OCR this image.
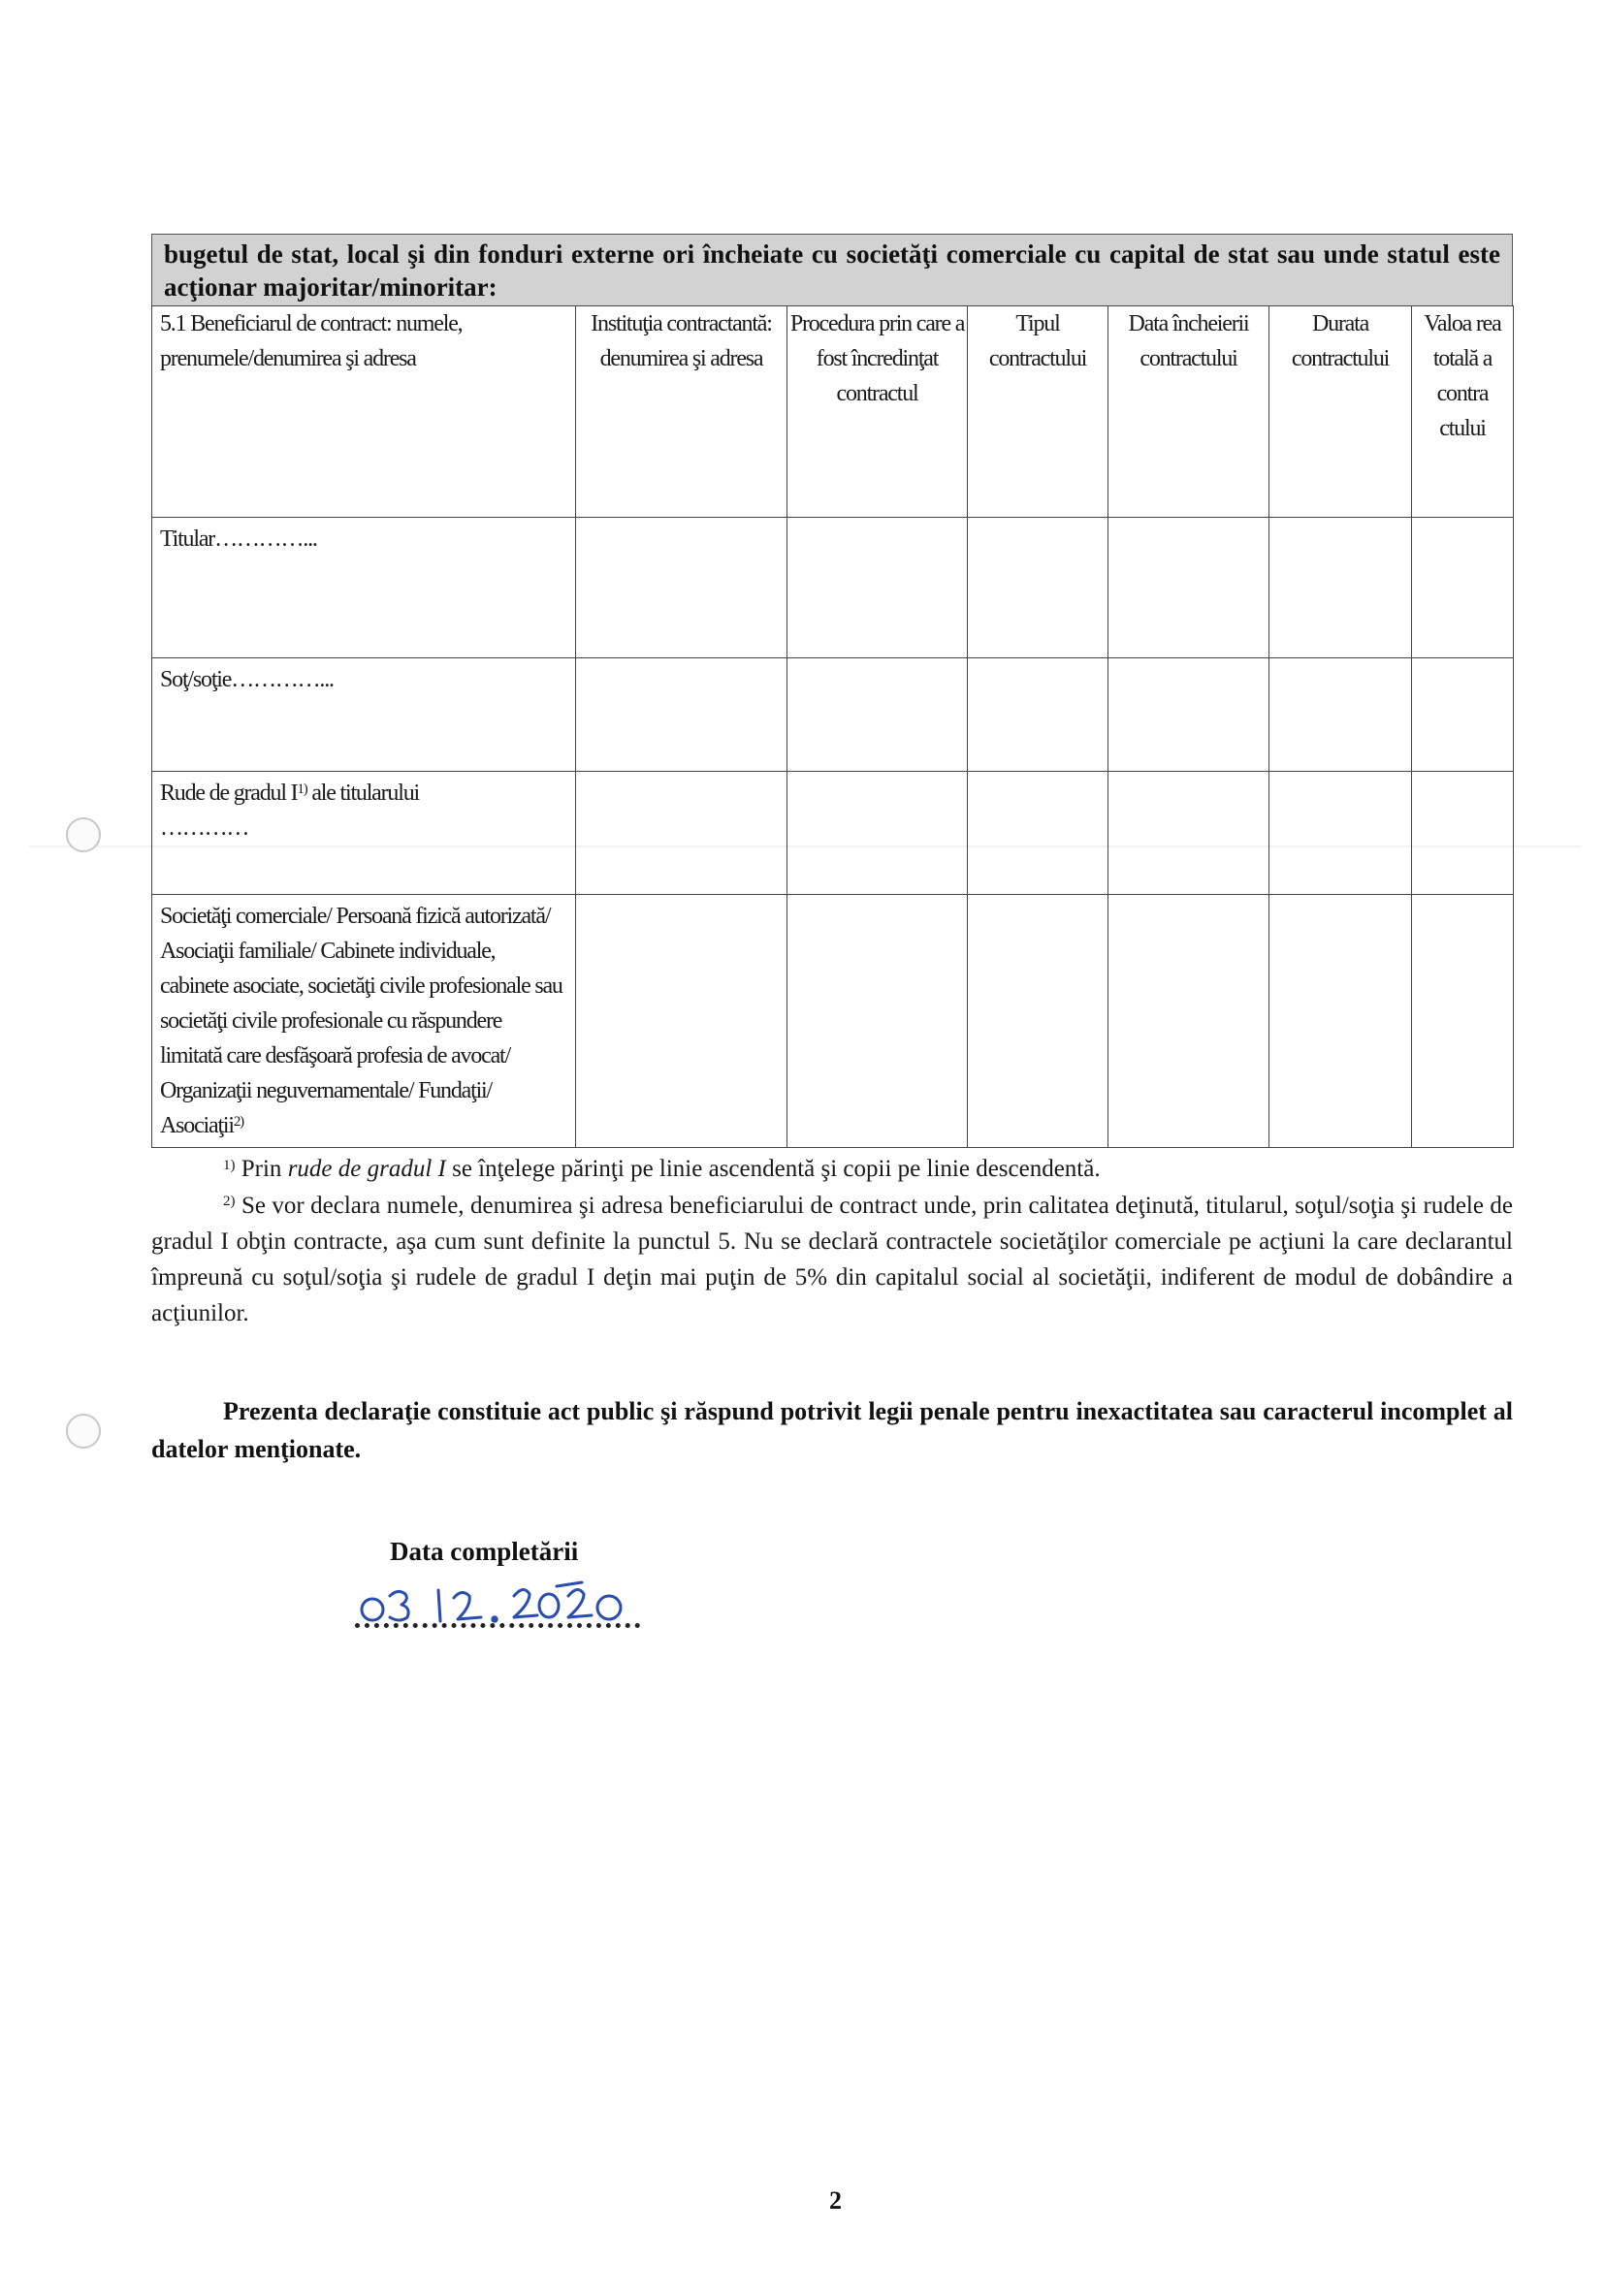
bugetul de stat, local şi din fonduri externe ori încheiate cu societăţi comerciale cu capital de stat sau unde statul este acţionar majoritar/minoritar:
5.1 Beneficiarul de contract: numele, prenumele/denumirea şi adresa	Instituţia contractantă: denumirea şi adresa	Procedura prin care a fost încredinţat contractul	Tipul contractului	Data încheierii contractului	Durata contractului	Valoa rea totală a contra ctului
Titular…………...						
Soţ/soţie…………...						
Rude de gradul $I^{1)}$ ale titularului
…………						
Societăţi comerciale/ Persoană fizică autorizată/ Asociaţii familiale/ Cabinete individuale, cabinete asociate, societăţi civile profesionale sau societăţi civile profesionale cu răspundere limitată care desfăşoară profesia de avocat/ Organizaţii neguvernamentale/ Fundaţii/ Asociaţii$^{2)}$						

$^{1)}$ Prin rude de gradul I se înţelege părinţi pe linie ascendentă şi copii pe linie descendentă.

$^{2)}$ Se vor declara numele, denumirea şi adresa beneficiarului de contract unde, prin calitatea deţinută, titularul, soţul/soţia şi rudele de gradul I obţin contracte, aşa cum sunt definite la punctul 5. Nu se declară contractele societăţilor comerciale pe acţiuni la care declarantul împreună cu soţul/soţia şi rudele de gradul I deţin mai puţin de 5% din capitalul social al societăţii, indiferent de modul de dobândire a acţiunilor.

Prezenta declaraţie constituie act public şi răspund potrivit legii penale pentru inexactitatea sau caracterul incomplet al datelor menţionate.
Data completării
2
